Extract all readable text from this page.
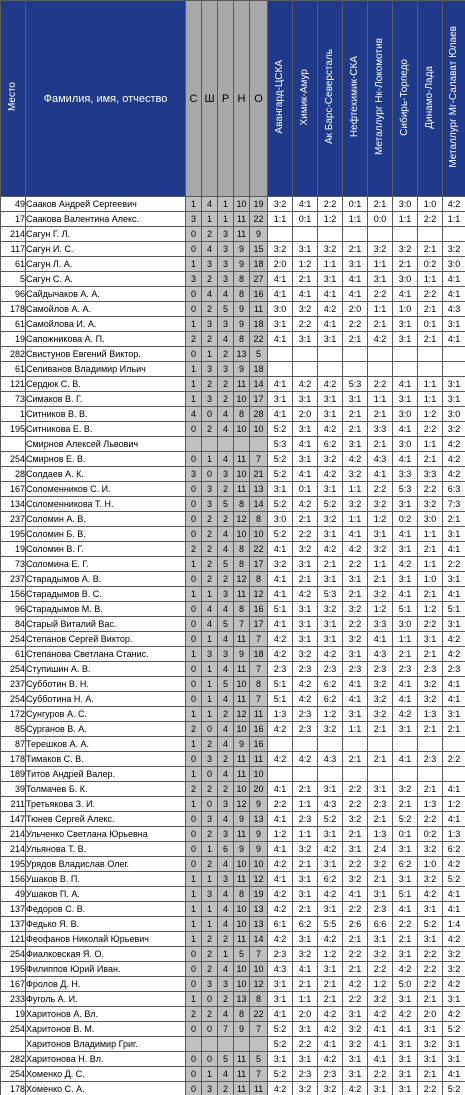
Место	Фамилия, имя, отчество	С	Ш	Р	Н	О	Авангард-ЦСКА	Химик-Амур	Ак Барс-Северсталь	Нефтехимик-СКА	Металлург Нк-Локомотив	Сибирь-Торпедо	Динамо-Лада	Металлург Мг-Салават Юлаев
49	Сааков Андрей Сергеевич	1	4	1	10	19	3:2	4:1	2:2	0:1	2:1	3:0	1:0	4:2
17	Саакова Валентина Алекс.	3	1	1	11	22	1:1	0:1	1:2	1:1	0:0	1:1	2:2	1:1
214	Сагун Г. Л.	0	2	3	11	9								
117	Сагун И. С.	0	4	3	9	15	3:2	3:1	3:2	2:1	3:2	3:2	2:1	3:2
61	Сагун Л. А.	1	3	3	9	18	2:0	1:2	1:1	3:1	1:1	2:1	0:2	3:0
5	Сагун С. А.	3	2	3	8	27	4:1	2:1	3:1	4:1	3:1	3:0	1:1	4:1
96	Сайдычаков А. А.	0	4	4	8	16	4:1	4:1	4:1	4:1	2:2	4:1	2:2	4:1
178	Самойлов А. А.	0	2	5	9	11	3:0	3:2	4:2	2:0	1:1	1:0	2:1	4:3
61	Самойлова И. А.	1	3	3	9	18	3:1	2:2	4:1	2:2	2:1	3:1	0:1	3:1
19	Сапожникова А. П.	2	2	4	8	22	4:1	3:1	3:1	2:1	4:2	3:1	2:1	4:1
282	Свистунов Евгений Виктор.	0	1	2	13	5								
61	Селиванов Владимир Ильич	1	3	3	9	18								
121	Сердюк С. В.	1	2	2	11	14	4:1	4:2	4:2	5:3	2:2	4:1	1:1	3:1
73	Симаков В. Г.	1	3	2	10	17	3:1	3:1	3:1	3:1	1:1	3:1	1:1	3:1
1	Ситников В. В.	4	0	4	8	28	4:1	2:0	3:1	2:1	2:1	3:0	1:2	3:0
195	Ситникова Е. В.	0	2	4	10	10	5:2	3:1	4:2	2:1	3:3	4:1	2:2	3:2
	Смирнов Алексей Львович						5:3	4:1	6:2	3:1	2:1	3:0	1:1	4:2
254	Смирнов Е. В.	0	1	4	11	7	5:2	3:1	3:2	4:2	4:3	4:1	2:1	4:2
28	Солдаев А. К.	3	0	3	10	21	5:2	4:1	4:2	3:2	4:1	3:3	3:3	4:2
167	Соломенников С. И.	0	3	2	11	13	3:1	0:1	3:1	1:1	2:2	5:3	2:2	6:3
134	Соломенникова Т. Н.	0	3	5	8	14	5:2	4:2	5:2	3:2	3:2	3:1	3:2	7:3
237	Соломин А. В.	0	2	2	12	8	3:0	2:1	3:2	1:1	1:2	0:2	3:0	2:1
195	Соломин Б. В.	0	2	4	10	10	5:2	2:2	3:1	4:1	3:1	4:1	1:1	3:1
19	Соломин В. Г.	2	2	4	8	22	4:1	3:2	4:2	4:2	3:2	3:1	2:1	4:1
73	Соломина Е. Г.	1	2	5	8	17	3:2	3:1	2:1	2:2	1:1	4:2	1:1	2:2
237	Старадымов А. В.	0	2	2	12	8	4:1	2:1	3:1	3:1	2:1	3:1	1:0	3:1
156	Старадымов В. С.	1	1	3	11	12	4:1	4:2	5:3	2:1	3:2	4:1	2:1	4:1
96	Старадымов М. В.	0	4	4	8	16	5:1	3:1	3:2	3:2	1:2	5:1	1:2	5:1
84	Старый Виталий Вас.	0	4	5	7	17	4:1	3:1	3:1	2:2	3:3	3:0	2:2	3:1
254	Степанов Сергей Виктор.	0	1	4	11	7	4:2	3:1	3:1	3:2	4:1	1:1	3:1	4:2
61	Степанова Светлана Станис.	1	3	3	9	18	4:2	3:2	4:2	3:1	4:3	2:1	2:1	4:2
254	Ступишин А. В.	0	1	4	11	7	2:3	2:3	2:3	2:3	2:3	2:3	2:3	2:3
237	Субботин В. Н.	0	1	5	10	8	5:1	4:2	6:2	4:1	3:2	4:1	3:2	4:1
254	Субботина Н. А.	0	1	4	11	7	5:1	4:2	6:2	4:1	3:2	4:1	3:2	4:1
172	Сунгуров А. С.	1	1	2	12	11	1:3	2:3	1:2	3:1	3:2	4:2	1:3	3:1
85	Сурганов В. А.	2	0	4	10	16	4:2	2:3	3:2	1:1	2:1	3:1	2:1	2:1
87	Терешков А. А.	1	2	4	9	16								
178	Тимаков С. В.	0	3	2	11	11	4:2	4:2	4:3	2:1	2:1	4:1	2:3	2:2
189	Титов Андрей Валер.	1	0	4	11	10								
39	Толмачев Б. К.	2	2	2	10	20	4:1	2:1	3:1	2:2	3:1	3:2	2:1	4:1
211	Третьякова З. И.	1	0	3	12	9	2:2	1:1	4:3	2:2	2:3	2:1	1:3	1:2
147	Тюнев Сергей Алекс.	0	3	4	9	13	4:1	2:3	5:2	3:2	2:1	5:2	2:2	4:1
214	Ульченко Светлана Юрьевна	0	2	3	11	9	1:2	1:1	3:1	2:1	1:3	0:1	0:2	1:3
214	Ульянова Т. В.	0	1	6	9	9	4:1	3:2	4:2	3:1	2:4	3:1	3:2	6:2
195	Урядов Владислав Олег.	0	2	4	10	10	4:2	2:1	3:1	2:2	3:2	6:2	1:0	4:2
156	Ушаков В. П.	1	1	3	11	12	4:1	3:1	6:2	3:2	2:1	3:1	3:2	5:2
49	Ушаков П. А.	1	3	4	8	19	4:2	3:1	4:2	4:1	3:1	5:1	4:2	4:1
137	Федоров С. В.	1	1	4	10	13	4:2	2:1	3:1	2:2	2:3	4:1	3:1	4:1
137	Федько Я. В.	1	1	4	10	13	6:1	6:2	5:5	2:6	6:6	2:2	5:2	1:4
121	Феофанов Николай Юрьевич	1	2	2	11	14	4:2	3:1	4:2	2:1	3:1	2:1	3:1	4:2
254	Фиалковская Я. О.	0	2	1	5	7	2:3	3:2	1:2	2:2	3:2	3:1	2:2	3:2
195	Филиппов Юрий Иван.	0	2	4	10	10	4:3	4:1	3:1	2:1	2:2	4:2	2:2	3:2
167	Фролов Д. Н.	0	3	3	10	12	3:1	2:1	2:1	4:2	1:2	5:0	2:2	4:2
233	Фуголь А. И.	1	0	2	13	8	3:1	1:1	2:1	2:2	3:2	3:1	2:1	3:1
19	Харитонов А. Вл.	2	2	4	8	22	4:1	2:0	4:2	3:1	4:2	4:2	2:0	4:2
254	Харитонов В. М.	0	0	7	9	7	5:2	3:1	4:2	3:2	4:1	4:1	3:1	5:2
	Харитонов Владимир Григ.						5:2	2:2	4:1	3:2	4:1	3:1	3:2	3:1
282	Харитонова Н. Вл.	0	0	5	11	5	3:1	3:1	4:2	3:1	4:1	3:1	3:1	3:1
254	Хоменко Д. С.	0	1	4	11	7	5:2	2:3	2:3	3:1	2:2	3:1	2:1	4:1
178	Хоменко С. А.	0	3	2	11	11	4:2	3:2	3:2	4:2	3:1	3:1	2:2	5:2
